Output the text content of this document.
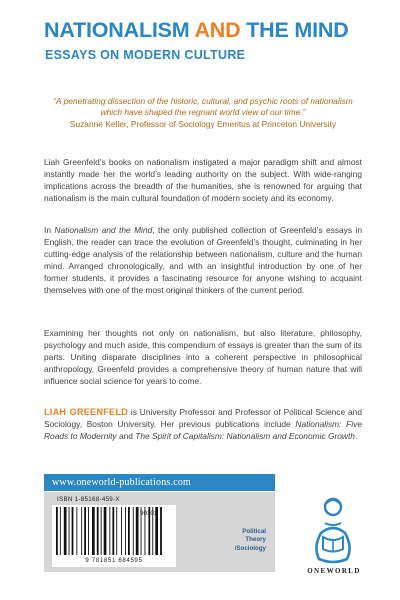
NATIONALISM AND THE MIND
ESSAYS ON MODERN CULTURE
“A penetrating dissection of the historic, cultural, and psychic roots of nationalism which have shaped the regnant world view of our time.”
Suzanne Keller, Professor of Sociology Emeritus at Princeton University

Liah Greenfeld’s books on nationalism instigated a major paradigm shift and almost instantly made her the world’s leading authority on the subject. With wide-ranging implications across the breadth of the humanities, she is renowned for arguing that nationalism is the main cultural foundation of modern society and its economy.

In Nationalism and the Mind, the only published collection of Greenfeld’s essays in English, the reader can trace the evolution of Greenfeld’s thought, culminating in her cutting-edge analysis of the relationship between nationalism, culture and the human mind. Arranged chronologically, and with an insightful introduction by one of her former students, it provides a fascinating resource for anyone wishing to acquaint themselves with one of the most original thinkers of the current period.

Examining her thoughts not only on nationalism, but also literature, philosophy, psychology and much aside, this compendium of essays is greater than the sum of its parts. Uniting disparate disciplines into a coherent perspective in philosophical anthropology, Greenfeld provides a comprehensive theory of human nature that will influence social science for years to come.

LIAH GREENFELD is University Professor and Professor of Political Science and Sociology, Boston University. Her previous publications include Nationalism: Five Roads to Modernity and The Spirit of Capitalism: Nationalism and Economic Growth.

www.oneworld-publications.com
ISBN 1-85168-459-X
90101
9 781851 684595
Political Theory
/Sociology
ONEWORLD
